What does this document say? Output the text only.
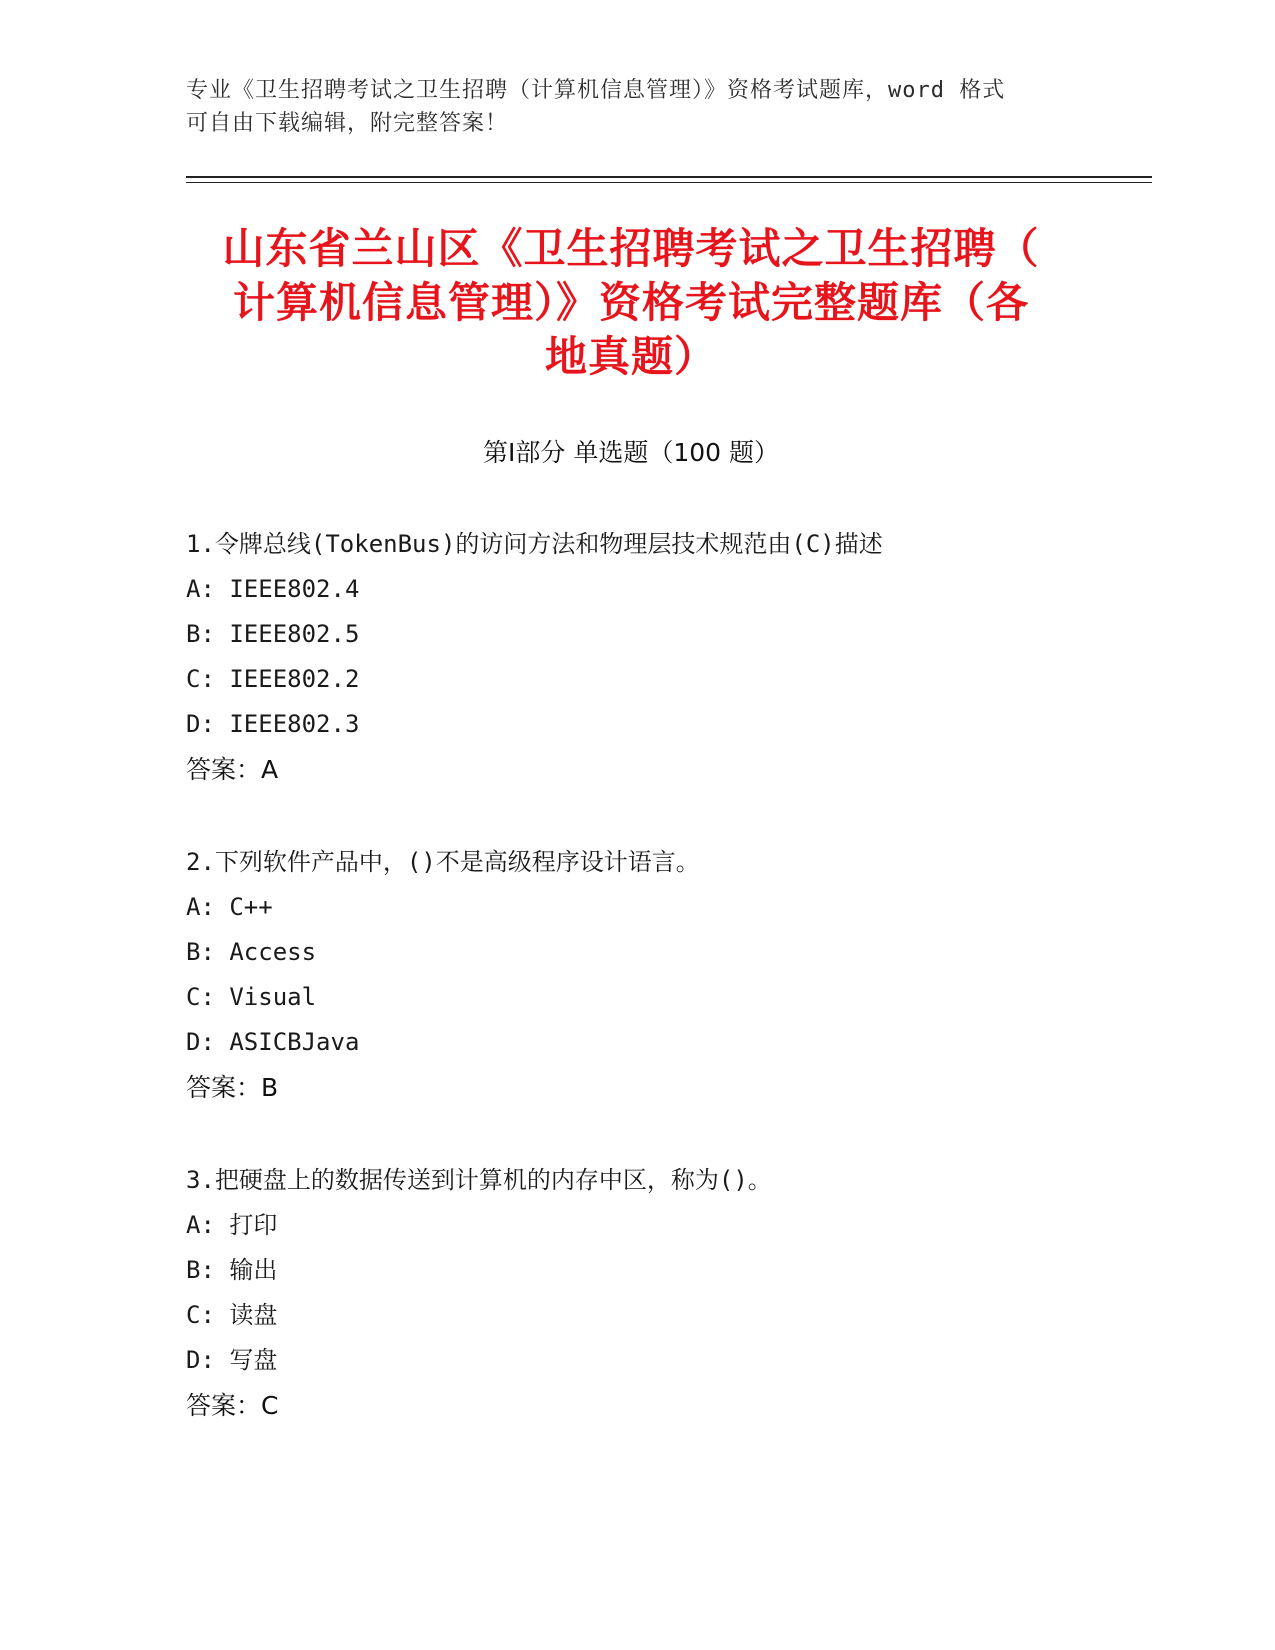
专业《卫生招聘考试之卫生招聘（计算机信息管理）》资格考试题库，word 格式
可自由下载编辑，附完整答案！
山东省兰山区《卫生招聘考试之卫生招聘（
计算机信息管理）》资格考试完整题库（各
地真题）
第Ⅰ部分 单选题（100 题）
1.令牌总线(TokenBus)的访问方法和物理层技术规范由(C)描述
A: IEEE802.4
B: IEEE802.5
C: IEEE802.2
D: IEEE802.3
答案：A
2.下列软件产品中，()不是高级程序设计语言。
A: C++
B: Access
C: Visual
D: ASICBJava
答案：B
3.把硬盘上的数据传送到计算机的内存中区，称为()。
A: 打印
B: 输出
C: 读盘
D: 写盘
答案：C
